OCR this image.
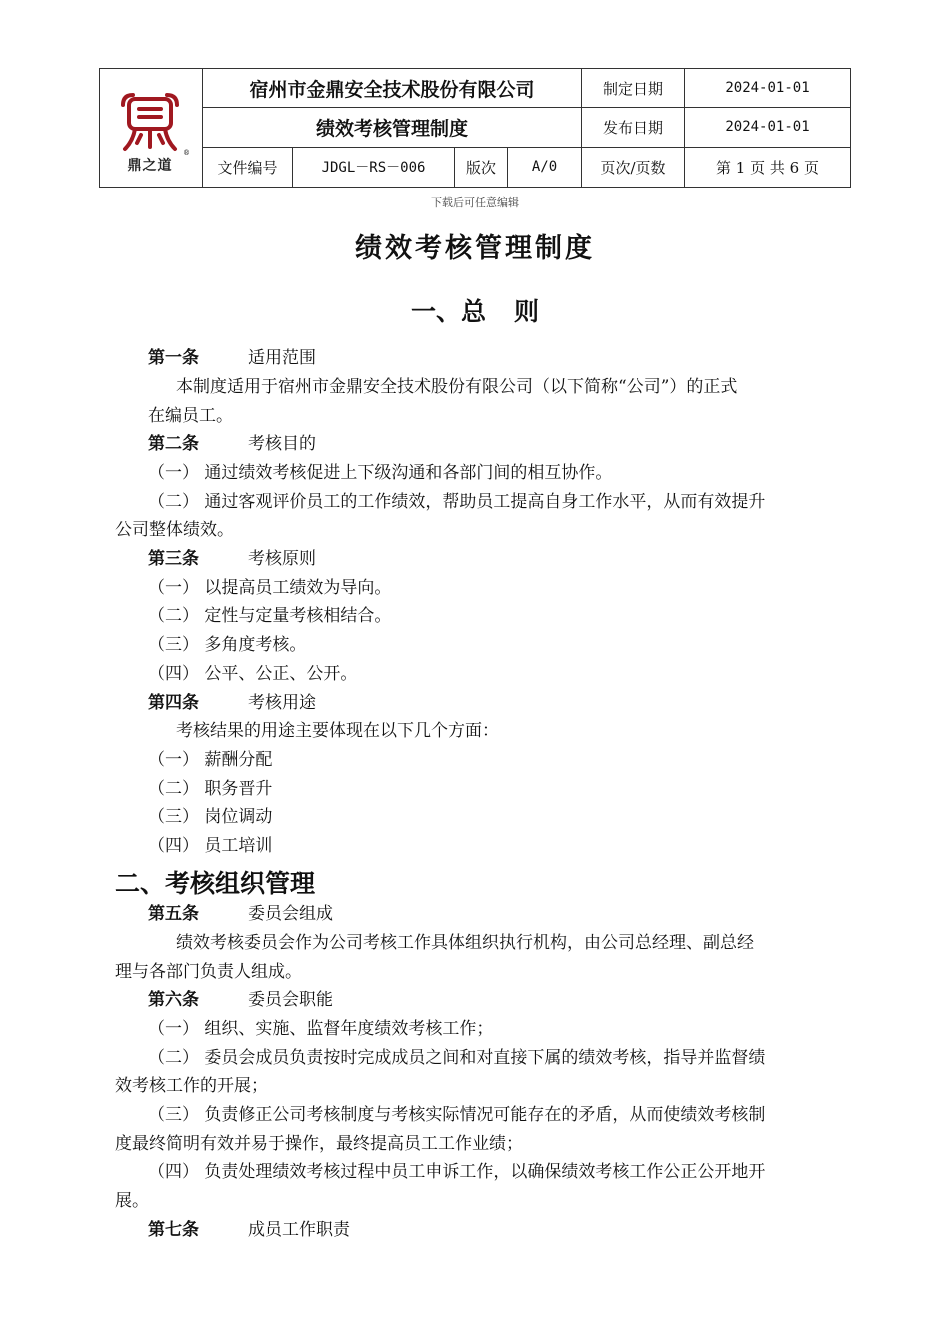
鼎之道
®	宿州市金鼎安全技术股份有限公司				制定日期	2024-01-01
	绩效考核管理制度				发布日期	2024-01-01
	文件编号	JDGL－RS－006	版次	A/0	页次/页数	第 1 页 共 6 页
下载后可任意编辑
绩效考核管理制度
一、总 则
第一条	适用范围
本制度适用于宿州市金鼎安全技术股份有限公司（以下简称“公司”）的正式
在编员工。
第二条	考核目的
（一） 通过绩效考核促进上下级沟通和各部门间的相互协作。
（二） 通过客观评价员工的工作绩效，帮助员工提高自身工作水平，从而有效提升
公司整体绩效。
第三条	考核原则
（一） 以提高员工绩效为导向。
（二） 定性与定量考核相结合。
（三） 多角度考核。
（四） 公平、公正、公开。
第四条	考核用途
考核结果的用途主要体现在以下几个方面：
（一） 薪酬分配
（二） 职务晋升
（三） 岗位调动
（四） 员工培训
二、考核组织管理
第五条	委员会组成
绩效考核委员会作为公司考核工作具体组织执行机构，由公司总经理、副总经
理与各部门负责人组成。
第六条	委员会职能
（一） 组织、实施、监督年度绩效考核工作；
（二） 委员会成员负责按时完成成员之间和对直接下属的绩效考核，指导并监督绩
效考核工作的开展；
（三） 负责修正公司考核制度与考核实际情况可能存在的矛盾，从而使绩效考核制
度最终简明有效并易于操作，最终提高员工工作业绩；
（四） 负责处理绩效考核过程中员工申诉工作，以确保绩效考核工作公正公开地开
展。
第七条	成员工作职责
